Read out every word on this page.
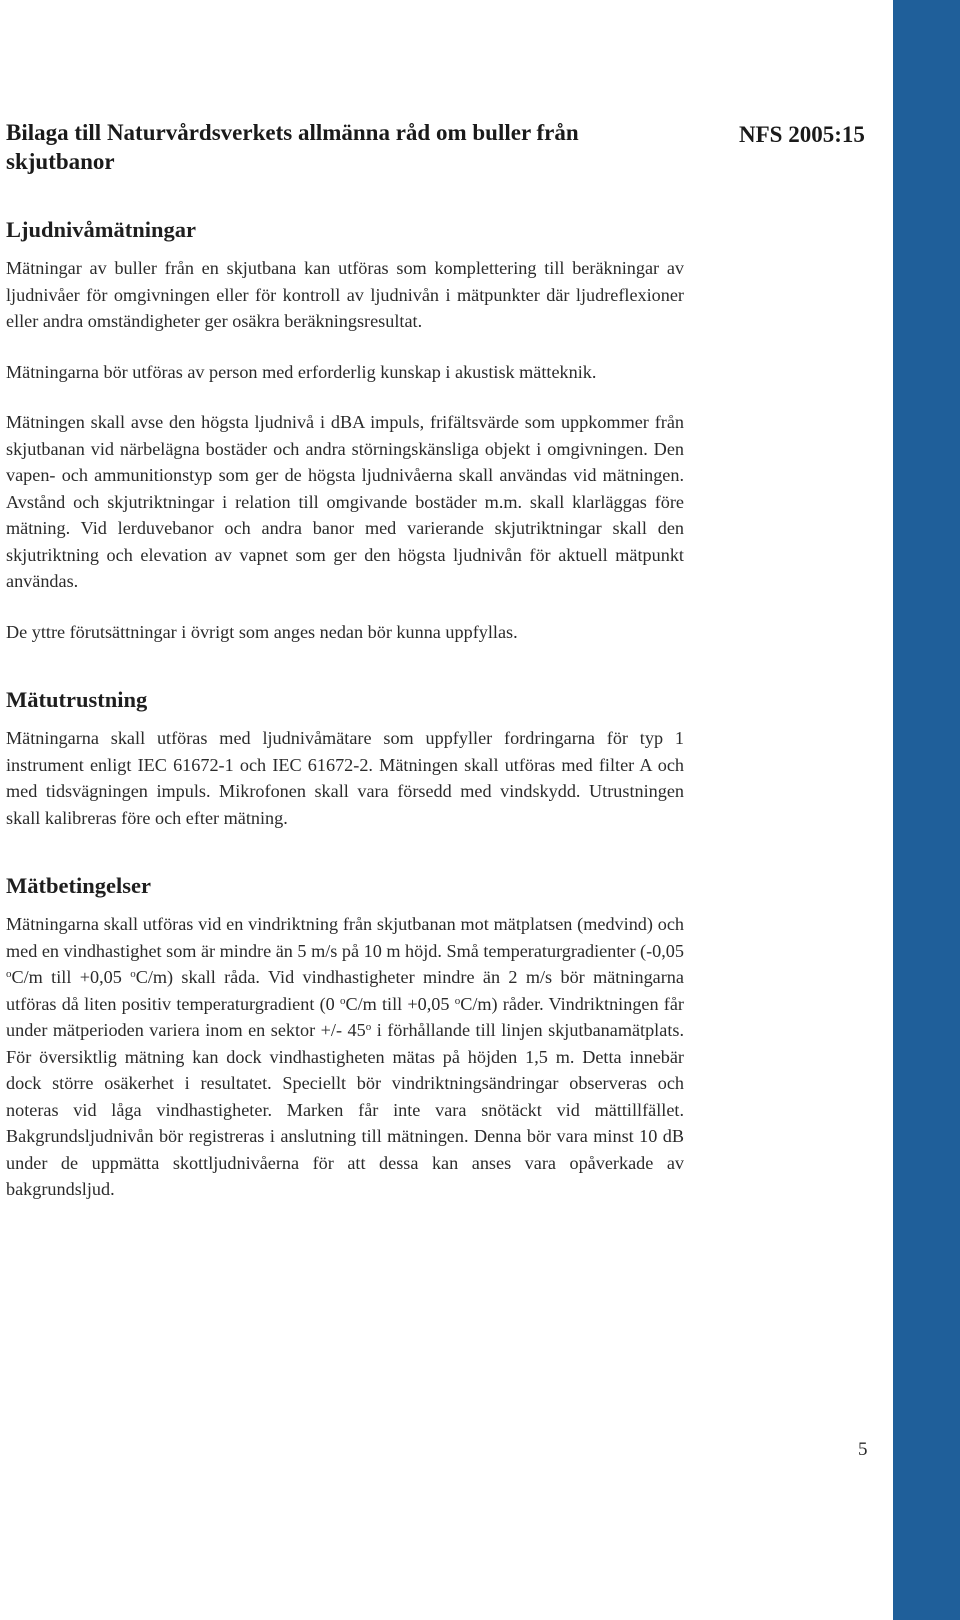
Bilaga till Naturvårdsverkets allmänna råd om buller från skjutbanor
NFS 2005:15
Ljudnivåmätningar

Mätningar av buller från en skjutbana kan utföras som komplettering till beräkningar av ljudnivåer för omgivningen eller för kontroll av ljudnivån i mätpunkter där ljudreflexioner eller andra omständigheter ger osäkra beräkningsresultat.

Mätningarna bör utföras av person med erforderlig kunskap i akustisk mätteknik.

Mätningen skall avse den högsta ljudnivå i dBA impuls, frifältsvärde som uppkommer från skjutbanan vid närbelägna bostäder och andra störningskänsliga objekt i omgivningen. Den vapen- och ammunitionstyp som ger de högsta ljudnivåerna skall användas vid mätningen. Avstånd och skjutriktningar i relation till omgivande bostäder m.m. skall klarläggas före mätning. Vid lerduvebanor och andra banor med varierande skjutriktningar skall den skjutriktning och elevation av vapnet som ger den högsta ljudnivån för aktuell mätpunkt användas.

De yttre förutsättningar i övrigt som anges nedan bör kunna uppfyllas.

Mätutrustning

Mätningarna skall utföras med ljudnivåmätare som uppfyller fordringarna för typ 1 instrument enligt IEC 61672-1 och IEC 61672-2. Mätningen skall utföras med filter A och med tidsvägningen impuls. Mikrofonen skall vara försedd med vindskydd. Utrustningen skall kalibreras före och efter mätning.

Mätbetingelser

Mätningarna skall utföras vid en vindriktning från skjutbanan mot mätplatsen (medvind) och med en vindhastighet som är mindre än 5 m/s på 10 m höjd. Små temperaturgradienter (-0,05 $^o$C/m till +0,05 $^o$C/m) skall råda. Vid vindhastigheter mindre än 2 m/s bör mätningarna utföras då liten positiv temperaturgradient (0 $^o$C/m till +0,05 $^o$C/m) råder. Vindriktningen får under mätperioden variera inom en sektor +/- 45$^o$ i förhållande till linjen skjutbanamätplats. För översiktlig mätning kan dock vindhastigheten mätas på höjden 1,5 m. Detta innebär dock större osäkerhet i resultatet. Speciellt bör vindriktningsändringar observeras och noteras vid låga vindhastigheter. Marken får inte vara snötäckt vid mättillfället. Bakgrundsljudnivån bör registreras i anslutning till mätningen. Denna bör vara minst 10 dB under de uppmätta skottljudnivåerna för att dessa kan anses vara opåverkade av bakgrundsljud.

5
